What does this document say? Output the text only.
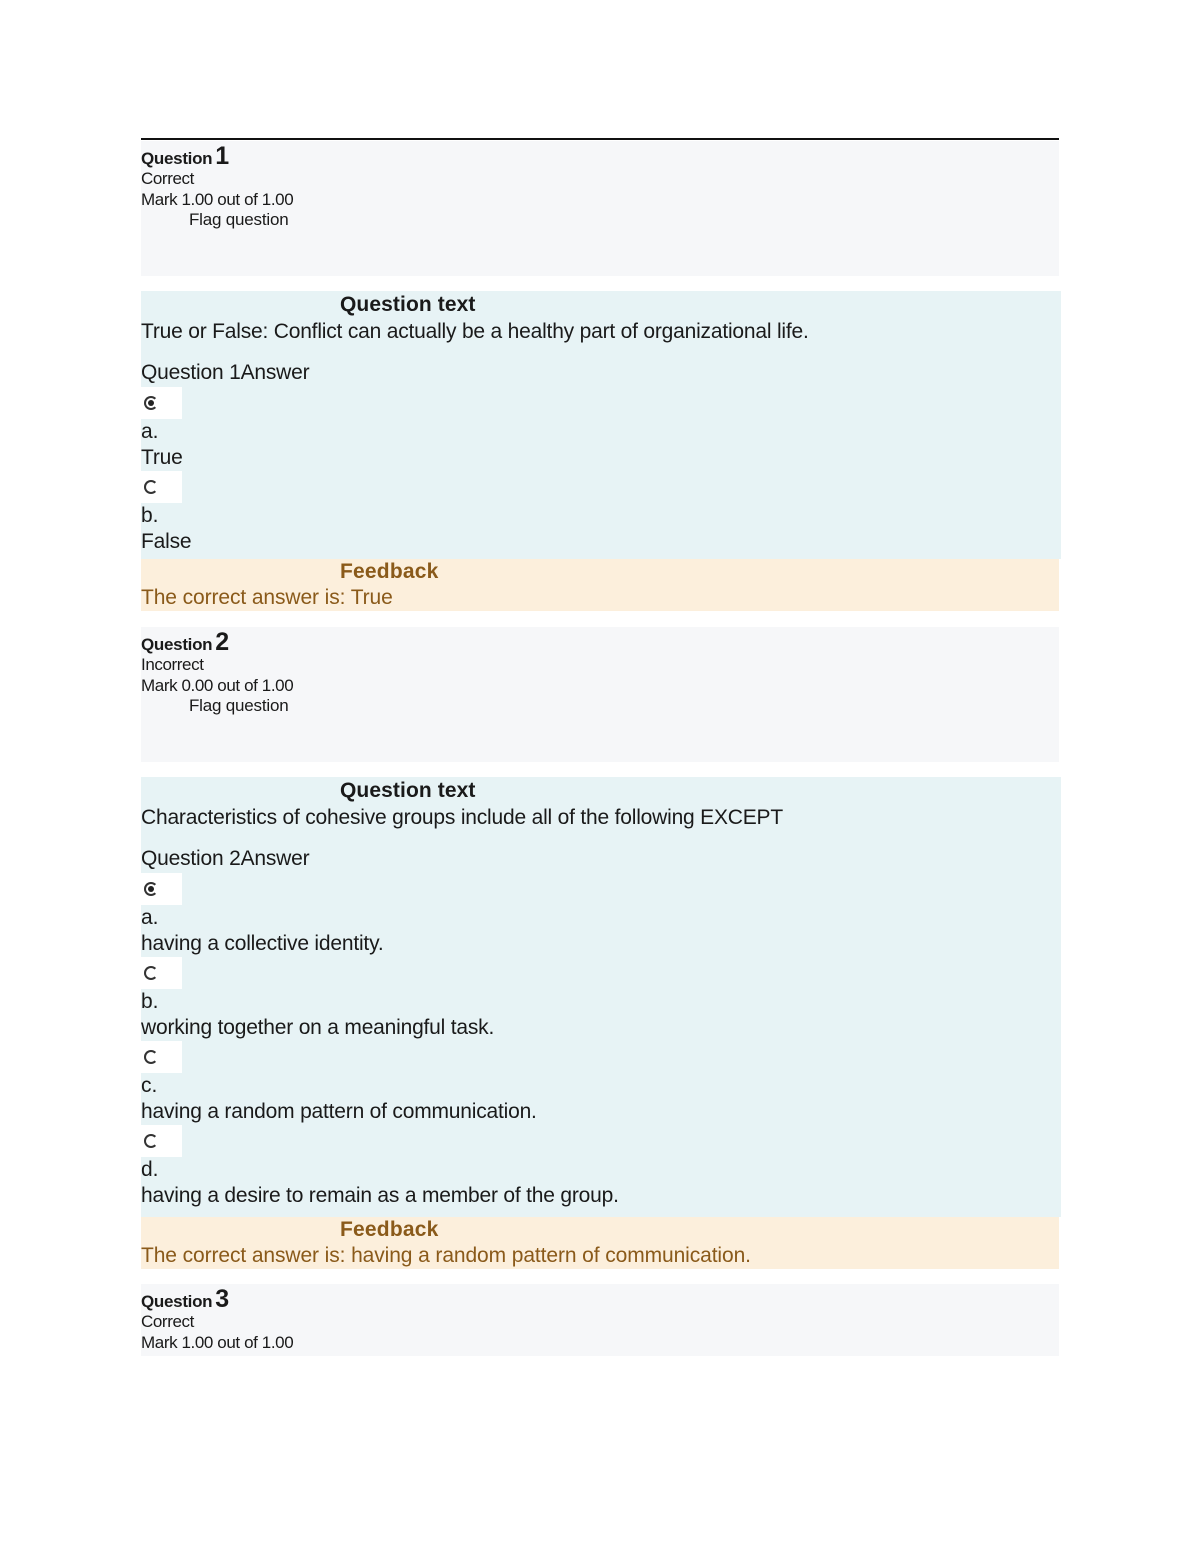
Question 1
Correct
Mark 1.00 out of 1.00
Flag question
Question text
True or False: Conflict can actually be a healthy part of organizational life.
Question 1Answer
a.
True
b.
False
Feedback
The correct answer is: True
Question 2
Incorrect
Mark 0.00 out of 1.00
Flag question
Question text
Characteristics of cohesive groups include all of the following EXCEPT
Question 2Answer
a.
having a collective identity.
b.
working together on a meaningful task.
c.
having a random pattern of communication.
d.
having a desire to remain as a member of the group.
Feedback
The correct answer is: having a random pattern of communication.
Question 3
Correct
Mark 1.00 out of 1.00
